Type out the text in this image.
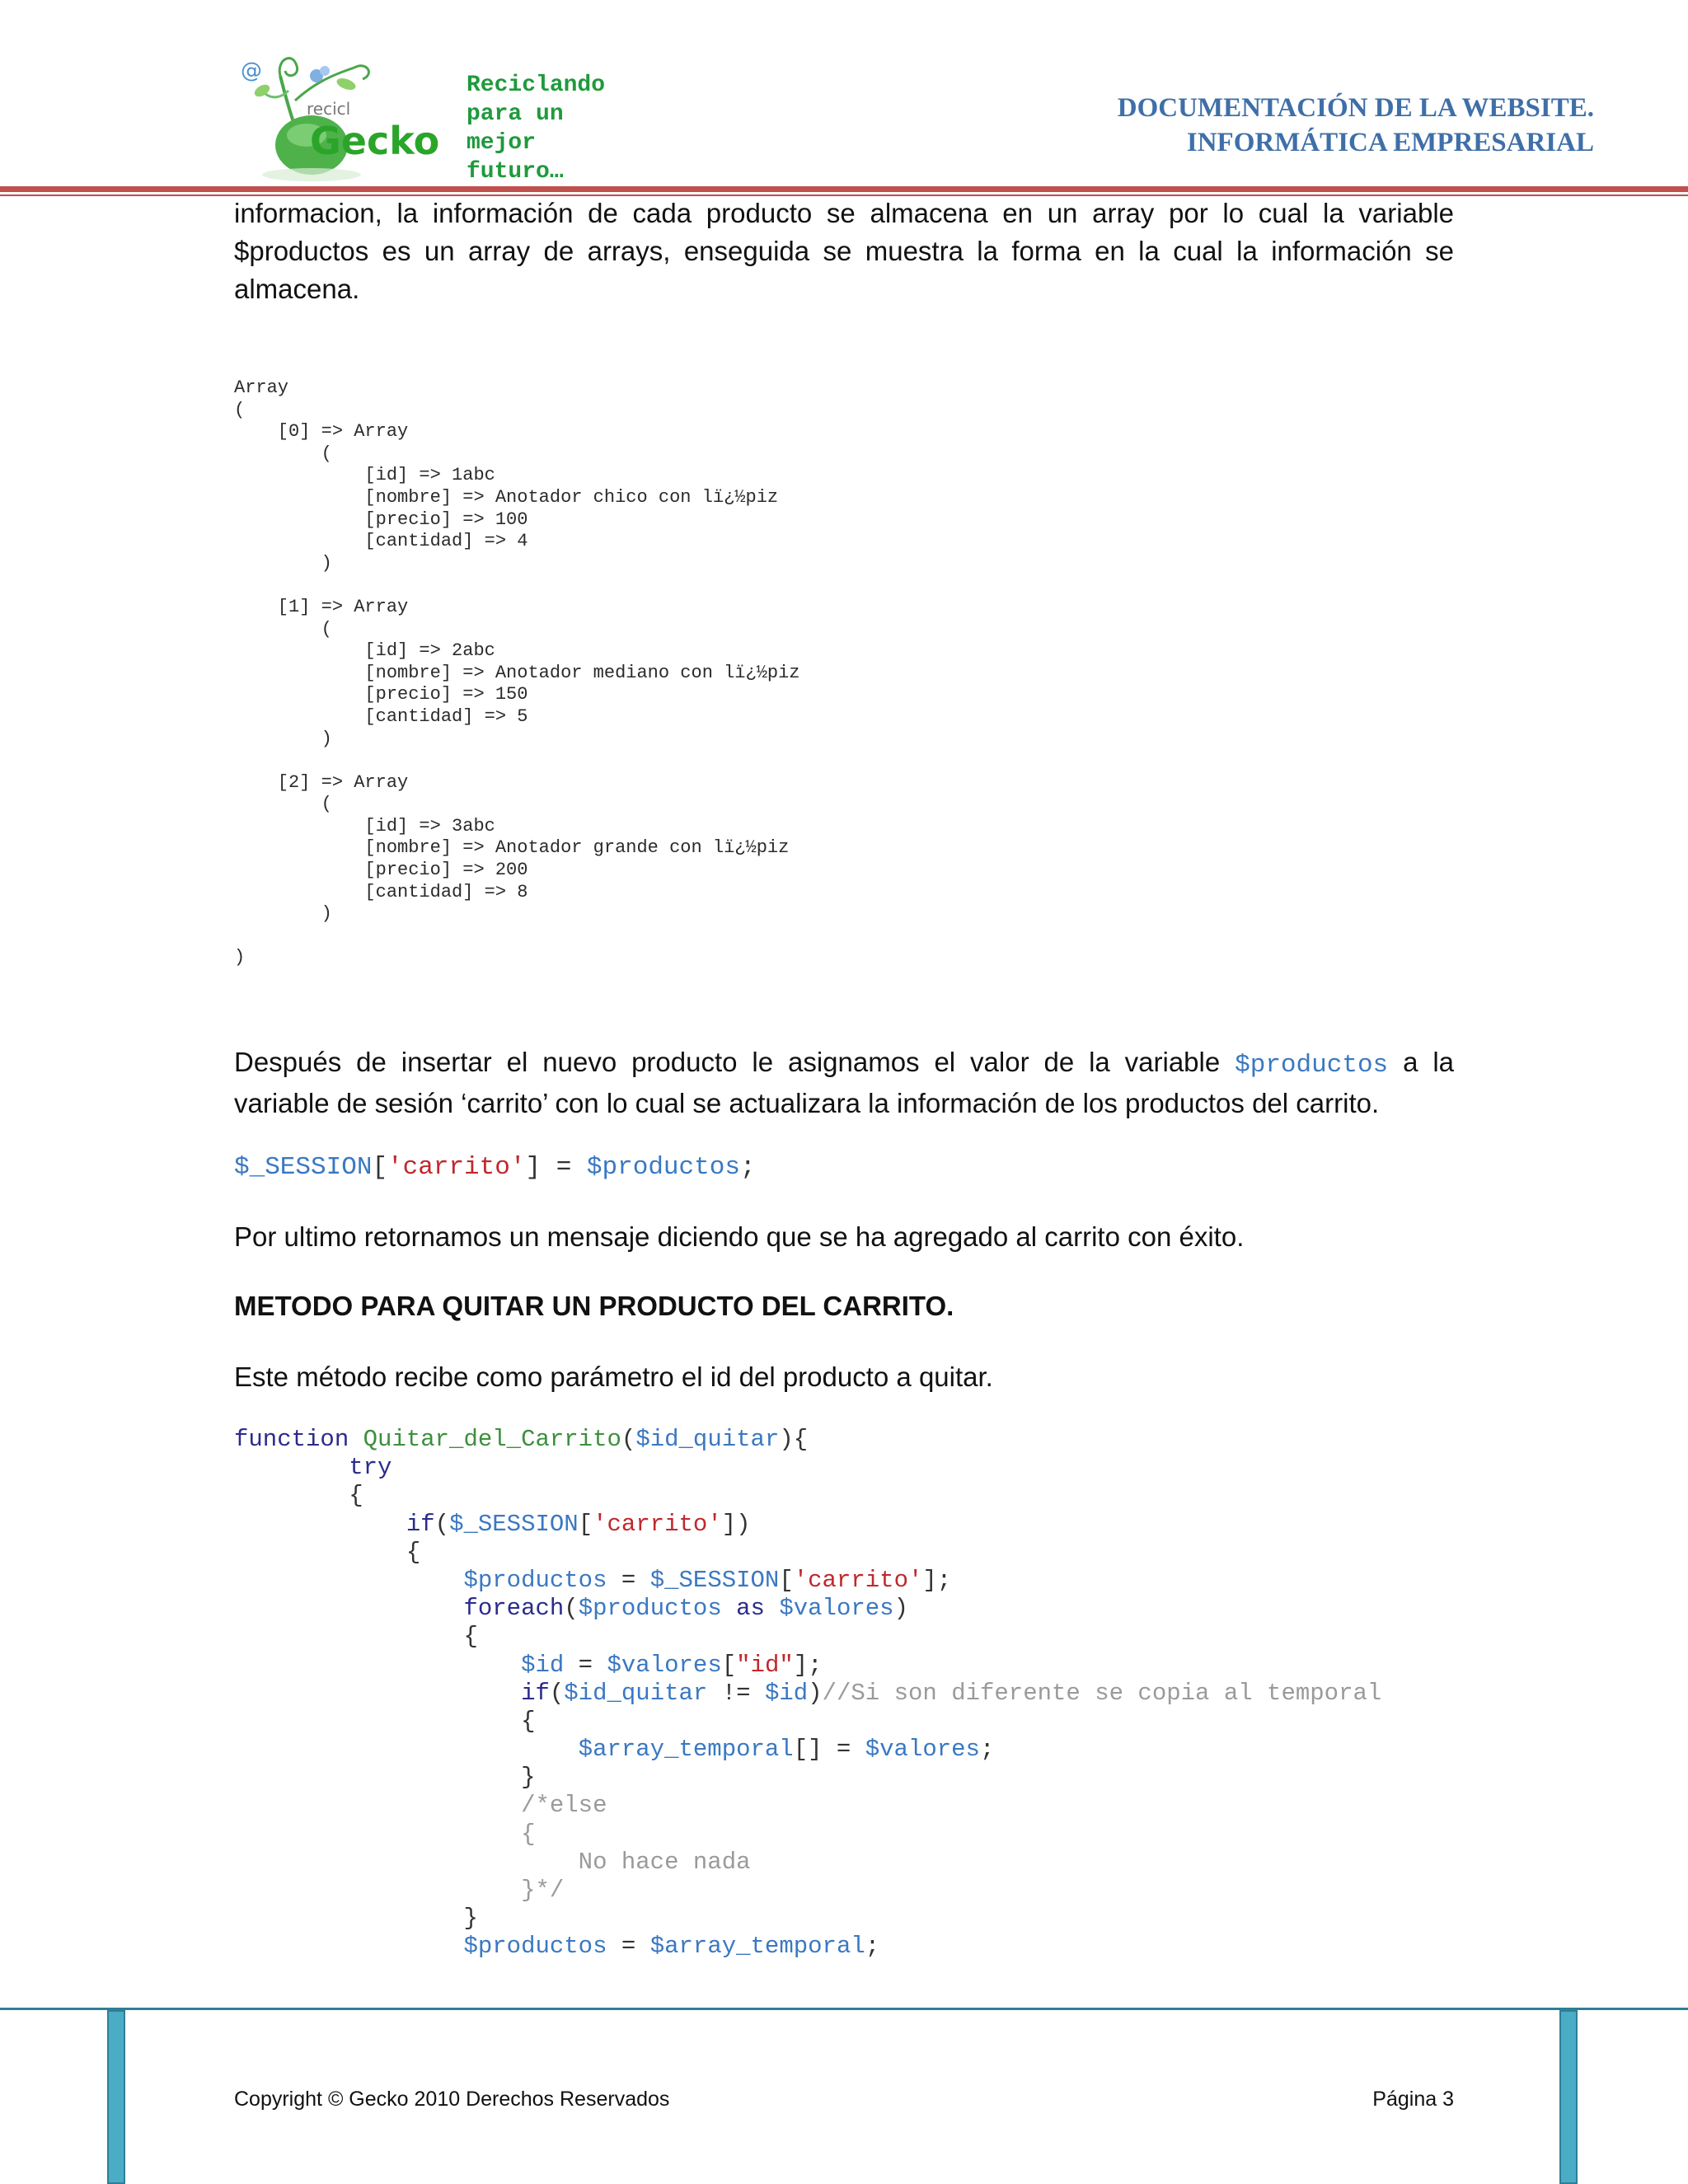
@
recicl
Gecko
Reciclando
para un
mejor
futuro…
DOCUMENTACIÓN DE LA WEBSITE.
INFORMÁTICA EMPRESARIAL
informacion, la información de cada producto se almacena en un array por lo cual la variable
$productos es un array de arrays, enseguida se muestra la forma en la cual la información se
almacena.
Array
(
[0] => Array
(
[id] => 1abc
[nombre] => Anotador chico con lï¿½piz
[precio] => 100
[cantidad] => 4
)

[1] => Array
(
[id] => 2abc
[nombre] => Anotador mediano con lï¿½piz
[precio] => 150
[cantidad] => 5
)

[2] => Array
(
[id] => 3abc
[nombre] => Anotador grande con lï¿½piz
[precio] => 200
[cantidad] => 8
)

)
Después de insertar el nuevo producto le asignamos el valor de la variable $productos a la
variable de sesión ‘carrito’ con lo cual se actualizara la información de los productos del carrito.
$_SESSION['carrito'] = $productos;
Por ultimo retornamos un mensaje diciendo que se ha agregado al carrito con éxito.
METODO PARA QUITAR UN PRODUCTO DEL CARRITO.
Este método recibe como parámetro el id del producto a quitar.
function Quitar_del_Carrito($id_quitar){
try
{
if($_SESSION['carrito'])
{
$productos = $_SESSION['carrito'];
foreach($productos as $valores)
{
$id = $valores["id"];
if($id_quitar != $id)//Si son diferente se copia al temporal
{
$array_temporal[] = $valores;
}
/*else
{
No hace nada
}*/
}
$productos = $array_temporal;
Copyright © Gecko 2010 Derechos Reservados	Página 3
